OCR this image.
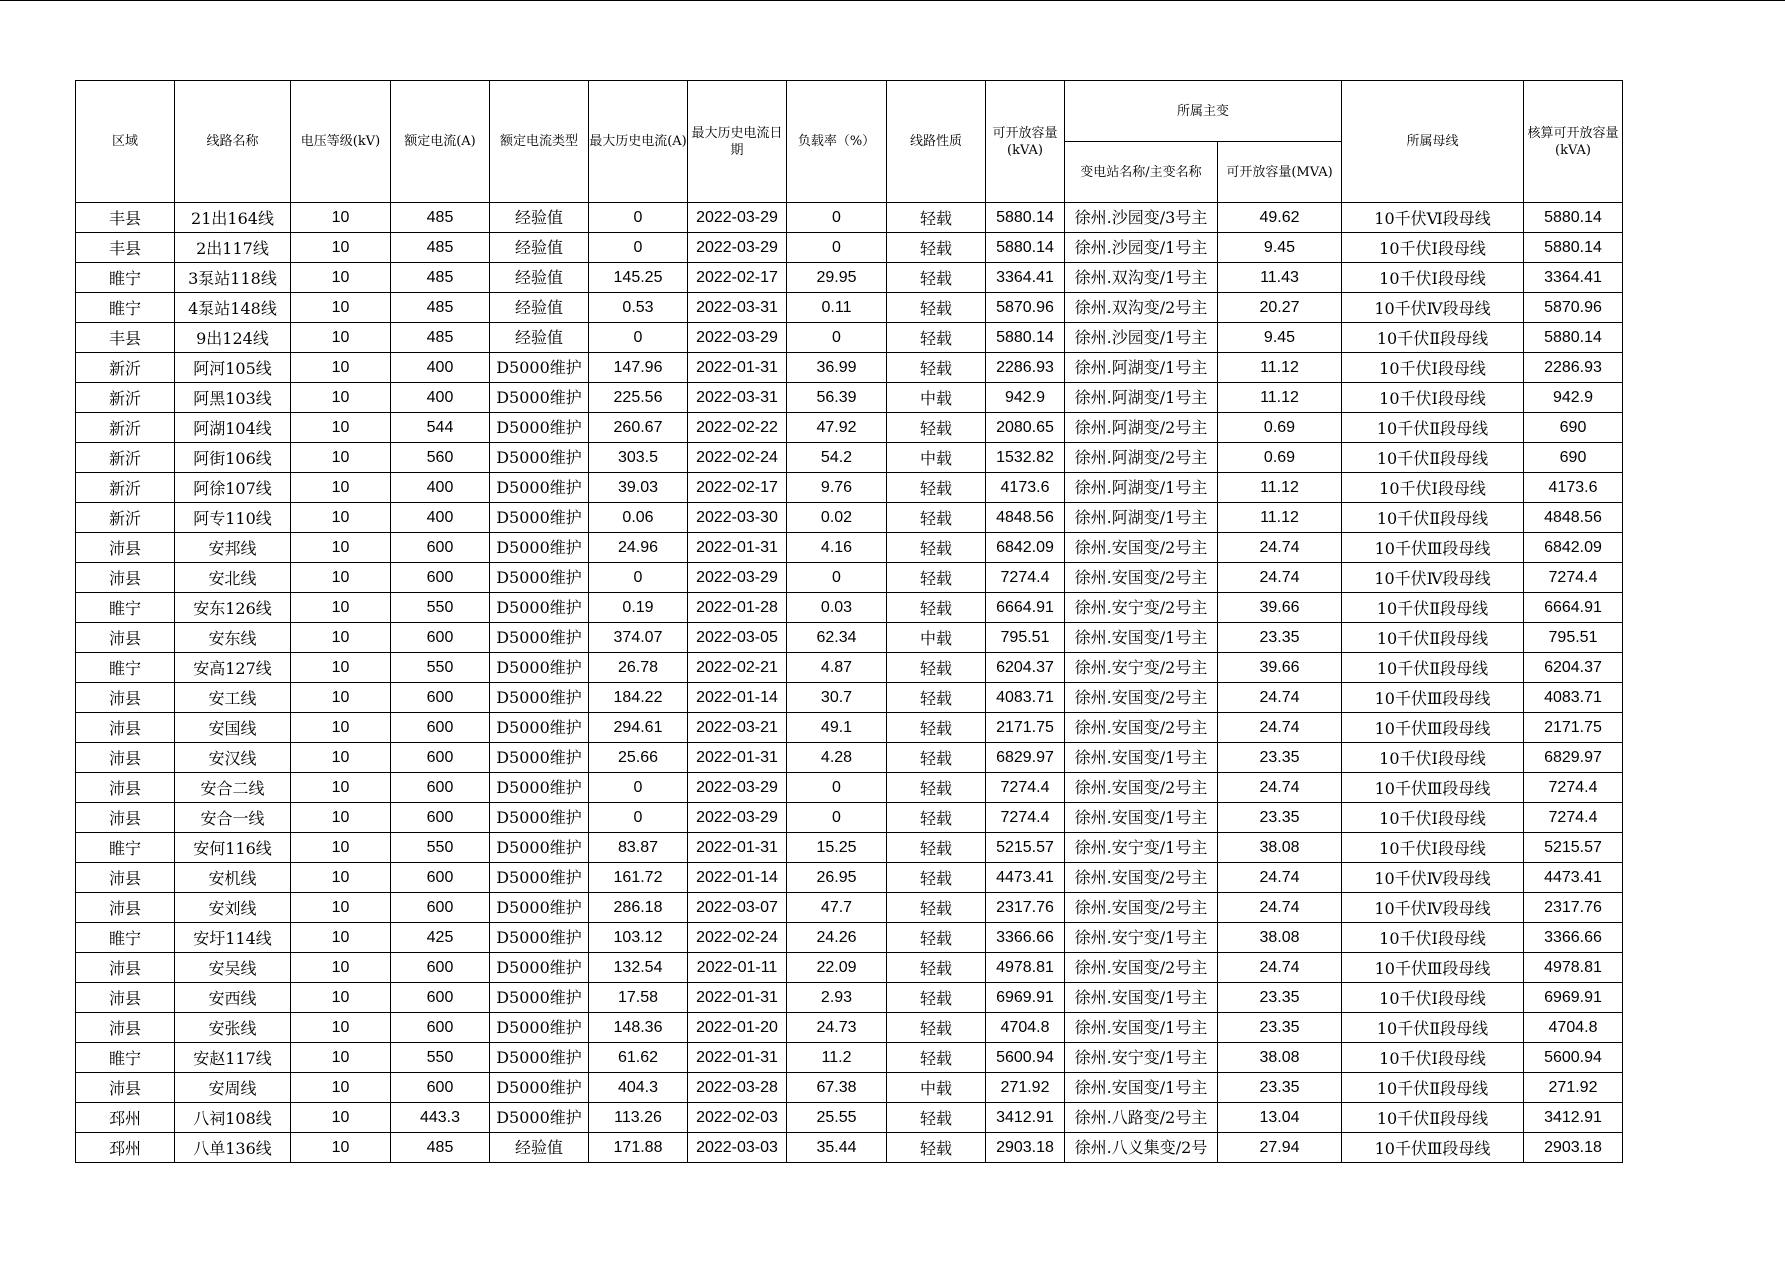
区域	线路名称	电压等级(kV)	额定电流(A)	额定电流类型	最大历史电流(A)	最大历史电流日期	负载率（%）	线路性质	可开放容量(kVA)	所属主变		所属母线	核算可开放容量(kVA)
										变电站名称/主变名称	可开放容量(MVA)		
丰县	21出164线	10	485	经验值	0	2022-03-29	0	轻载	5880.14	徐州.沙园变/3号主	49.62	10千伏Ⅵ段母线	5880.14
丰县	2出117线	10	485	经验值	0	2022-03-29	0	轻载	5880.14	徐州.沙园变/1号主	9.45	10千伏Ⅰ段母线	5880.14
睢宁	3泵站118线	10	485	经验值	145.25	2022-02-17	29.95	轻载	3364.41	徐州.双沟变/1号主	11.43	10千伏Ⅰ段母线	3364.41
睢宁	4泵站148线	10	485	经验值	0.53	2022-03-31	0.11	轻载	5870.96	徐州.双沟变/2号主	20.27	10千伏Ⅳ段母线	5870.96
丰县	9出124线	10	485	经验值	0	2022-03-29	0	轻载	5880.14	徐州.沙园变/1号主	9.45	10千伏Ⅱ段母线	5880.14
新沂	阿河105线	10	400	D5000维护	147.96	2022-01-31	36.99	轻载	2286.93	徐州.阿湖变/1号主	11.12	10千伏Ⅰ段母线	2286.93
新沂	阿黑103线	10	400	D5000维护	225.56	2022-03-31	56.39	中载	942.9	徐州.阿湖变/1号主	11.12	10千伏Ⅰ段母线	942.9
新沂	阿湖104线	10	544	D5000维护	260.67	2022-02-22	47.92	轻载	2080.65	徐州.阿湖变/2号主	0.69	10千伏Ⅱ段母线	690
新沂	阿街106线	10	560	D5000维护	303.5	2022-02-24	54.2	中载	1532.82	徐州.阿湖变/2号主	0.69	10千伏Ⅱ段母线	690
新沂	阿徐107线	10	400	D5000维护	39.03	2022-02-17	9.76	轻载	4173.6	徐州.阿湖变/1号主	11.12	10千伏Ⅰ段母线	4173.6
新沂	阿专110线	10	400	D5000维护	0.06	2022-03-30	0.02	轻载	4848.56	徐州.阿湖变/1号主	11.12	10千伏Ⅱ段母线	4848.56
沛县	安邦线	10	600	D5000维护	24.96	2022-01-31	4.16	轻载	6842.09	徐州.安国变/2号主	24.74	10千伏Ⅲ段母线	6842.09
沛县	安北线	10	600	D5000维护	0	2022-03-29	0	轻载	7274.4	徐州.安国变/2号主	24.74	10千伏Ⅳ段母线	7274.4
睢宁	安东126线	10	550	D5000维护	0.19	2022-01-28	0.03	轻载	6664.91	徐州.安宁变/2号主	39.66	10千伏Ⅱ段母线	6664.91
沛县	安东线	10	600	D5000维护	374.07	2022-03-05	62.34	中载	795.51	徐州.安国变/1号主	23.35	10千伏Ⅱ段母线	795.51
睢宁	安高127线	10	550	D5000维护	26.78	2022-02-21	4.87	轻载	6204.37	徐州.安宁变/2号主	39.66	10千伏Ⅱ段母线	6204.37
沛县	安工线	10	600	D5000维护	184.22	2022-01-14	30.7	轻载	4083.71	徐州.安国变/2号主	24.74	10千伏Ⅲ段母线	4083.71
沛县	安国线	10	600	D5000维护	294.61	2022-03-21	49.1	轻载	2171.75	徐州.安国变/2号主	24.74	10千伏Ⅲ段母线	2171.75
沛县	安汉线	10	600	D5000维护	25.66	2022-01-31	4.28	轻载	6829.97	徐州.安国变/1号主	23.35	10千伏Ⅰ段母线	6829.97
沛县	安合二线	10	600	D5000维护	0	2022-03-29	0	轻载	7274.4	徐州.安国变/2号主	24.74	10千伏Ⅲ段母线	7274.4
沛县	安合一线	10	600	D5000维护	0	2022-03-29	0	轻载	7274.4	徐州.安国变/1号主	23.35	10千伏Ⅰ段母线	7274.4
睢宁	安何116线	10	550	D5000维护	83.87	2022-01-31	15.25	轻载	5215.57	徐州.安宁变/1号主	38.08	10千伏Ⅰ段母线	5215.57
沛县	安机线	10	600	D5000维护	161.72	2022-01-14	26.95	轻载	4473.41	徐州.安国变/2号主	24.74	10千伏Ⅳ段母线	4473.41
沛县	安刘线	10	600	D5000维护	286.18	2022-03-07	47.7	轻载	2317.76	徐州.安国变/2号主	24.74	10千伏Ⅳ段母线	2317.76
睢宁	安圩114线	10	425	D5000维护	103.12	2022-02-24	24.26	轻载	3366.66	徐州.安宁变/1号主	38.08	10千伏Ⅰ段母线	3366.66
沛县	安吴线	10	600	D5000维护	132.54	2022-01-11	22.09	轻载	4978.81	徐州.安国变/2号主	24.74	10千伏Ⅲ段母线	4978.81
沛县	安西线	10	600	D5000维护	17.58	2022-01-31	2.93	轻载	6969.91	徐州.安国变/1号主	23.35	10千伏Ⅰ段母线	6969.91
沛县	安张线	10	600	D5000维护	148.36	2022-01-20	24.73	轻载	4704.8	徐州.安国变/1号主	23.35	10千伏Ⅱ段母线	4704.8
睢宁	安赵117线	10	550	D5000维护	61.62	2022-01-31	11.2	轻载	5600.94	徐州.安宁变/1号主	38.08	10千伏Ⅰ段母线	5600.94
沛县	安周线	10	600	D5000维护	404.3	2022-03-28	67.38	中载	271.92	徐州.安国变/1号主	23.35	10千伏Ⅱ段母线	271.92
邳州	八祠108线	10	443.3	D5000维护	113.26	2022-02-03	25.55	轻载	3412.91	徐州.八路变/2号主	13.04	10千伏Ⅱ段母线	3412.91
邳州	八单136线	10	485	经验值	171.88	2022-03-03	35.44	轻载	2903.18	徐州.八义集变/2号	27.94	10千伏Ⅲ段母线	2903.18
